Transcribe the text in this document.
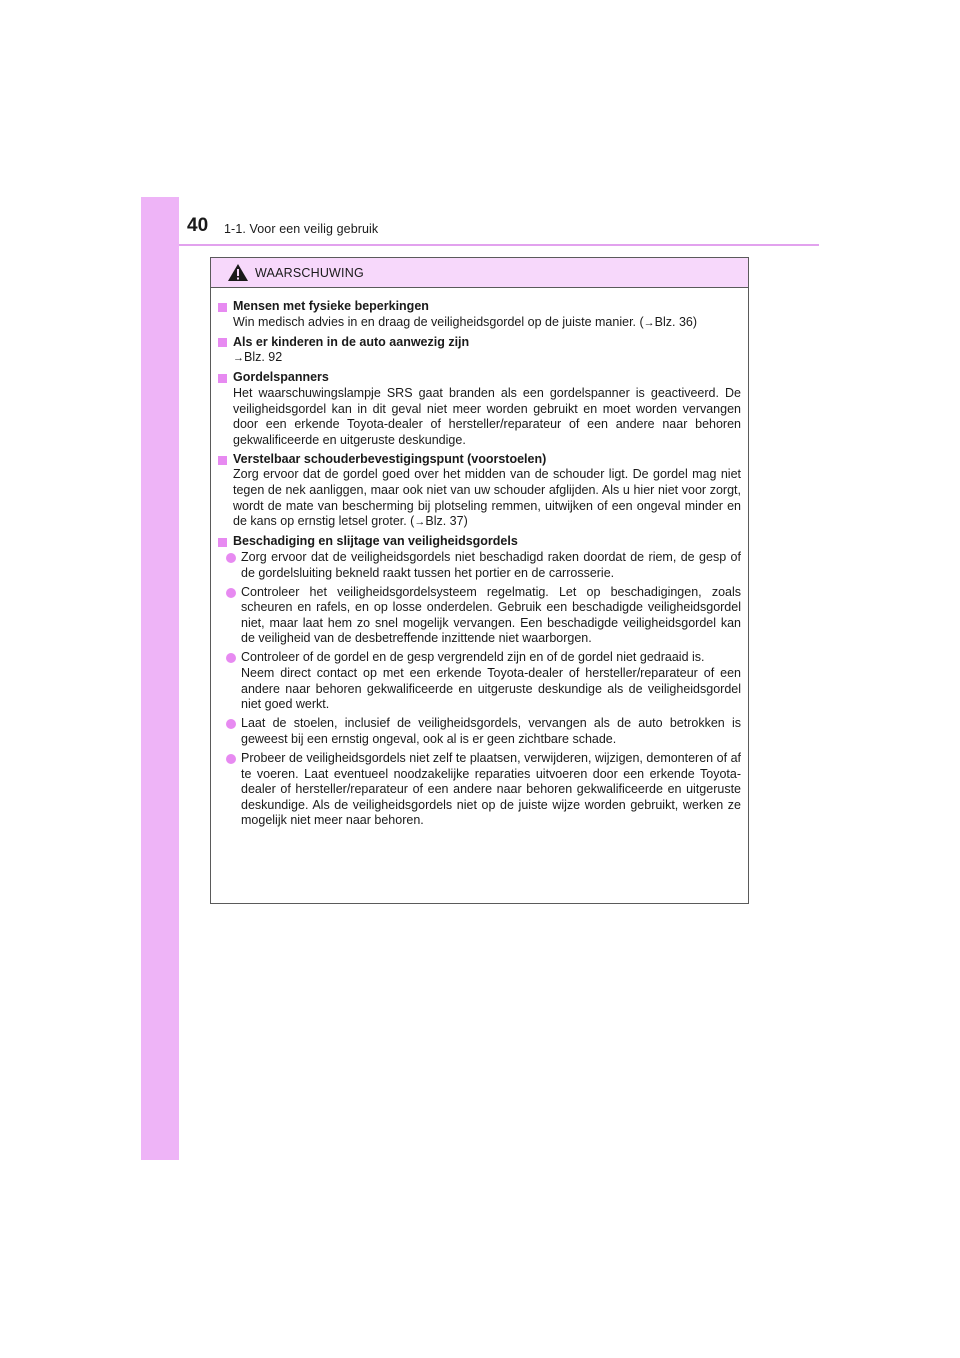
40 1-1. Voor een veilig gebruik
WAARSCHUWING
Mensen met fysieke beperkingen
Win medisch advies in en draag de veiligheidsgordel op de juiste manier. (→Blz. 36)
Als er kinderen in de auto aanwezig zijn
→Blz. 92
Gordelspanners
Het waarschuwingslampje SRS gaat branden als een gordelspanner is geactiveerd. De veiligheidsgordel kan in dit geval niet meer worden gebruikt en moet worden vervangen door een erkende Toyota-dealer of hersteller/reparateur of een andere naar behoren gekwalificeerde en uitgeruste deskundige.
Verstelbaar schouderbevestigingspunt (voorstoelen)
Zorg ervoor dat de gordel goed over het midden van de schouder ligt. De gordel mag niet tegen de nek aanliggen, maar ook niet van uw schouder afglijden. Als u hier niet voor zorgt, wordt de mate van bescherming bij plotseling remmen, uitwijken of een ongeval minder en de kans op ernstig letsel groter. (→Blz. 37)
Beschadiging en slijtage van veiligheidsgordels

Zorg ervoor dat de veiligheidsgordels niet beschadigd raken doordat de riem, de gesp of de gordelsluiting bekneld raakt tussen het portier en de carrosserie.

Controleer het veiligheidsgordelsysteem regelmatig. Let op beschadigingen, zoals scheuren en rafels, en op losse onderdelen. Gebruik een beschadigde veiligheidsgordel niet, maar laat hem zo snel mogelijk vervangen. Een beschadigde veiligheidsgordel kan de veiligheid van de desbetreffende inzittende niet waarborgen.

Controleer of de gordel en de gesp vergrendeld zijn en of de gordel niet gedraaid is.

Neem direct contact op met een erkende Toyota-dealer of hersteller/reparateur of een andere naar behoren gekwalificeerde en uitgeruste deskundige als de veiligheidsgordel niet goed werkt.

Laat de stoelen, inclusief de veiligheidsgordels, vervangen als de auto betrokken is geweest bij een ernstig ongeval, ook al is er geen zichtbare schade.

Probeer de veiligheidsgordels niet zelf te plaatsen, verwijderen, wijzigen, demonteren of af te voeren. Laat eventueel noodzakelijke reparaties uitvoeren door een erkende Toyota-dealer of hersteller/reparateur of een andere naar behoren gekwalificeerde en uitgeruste deskundige. Als de veiligheidsgordels niet op de juiste wijze worden gebruikt, werken ze mogelijk niet meer naar behoren.
